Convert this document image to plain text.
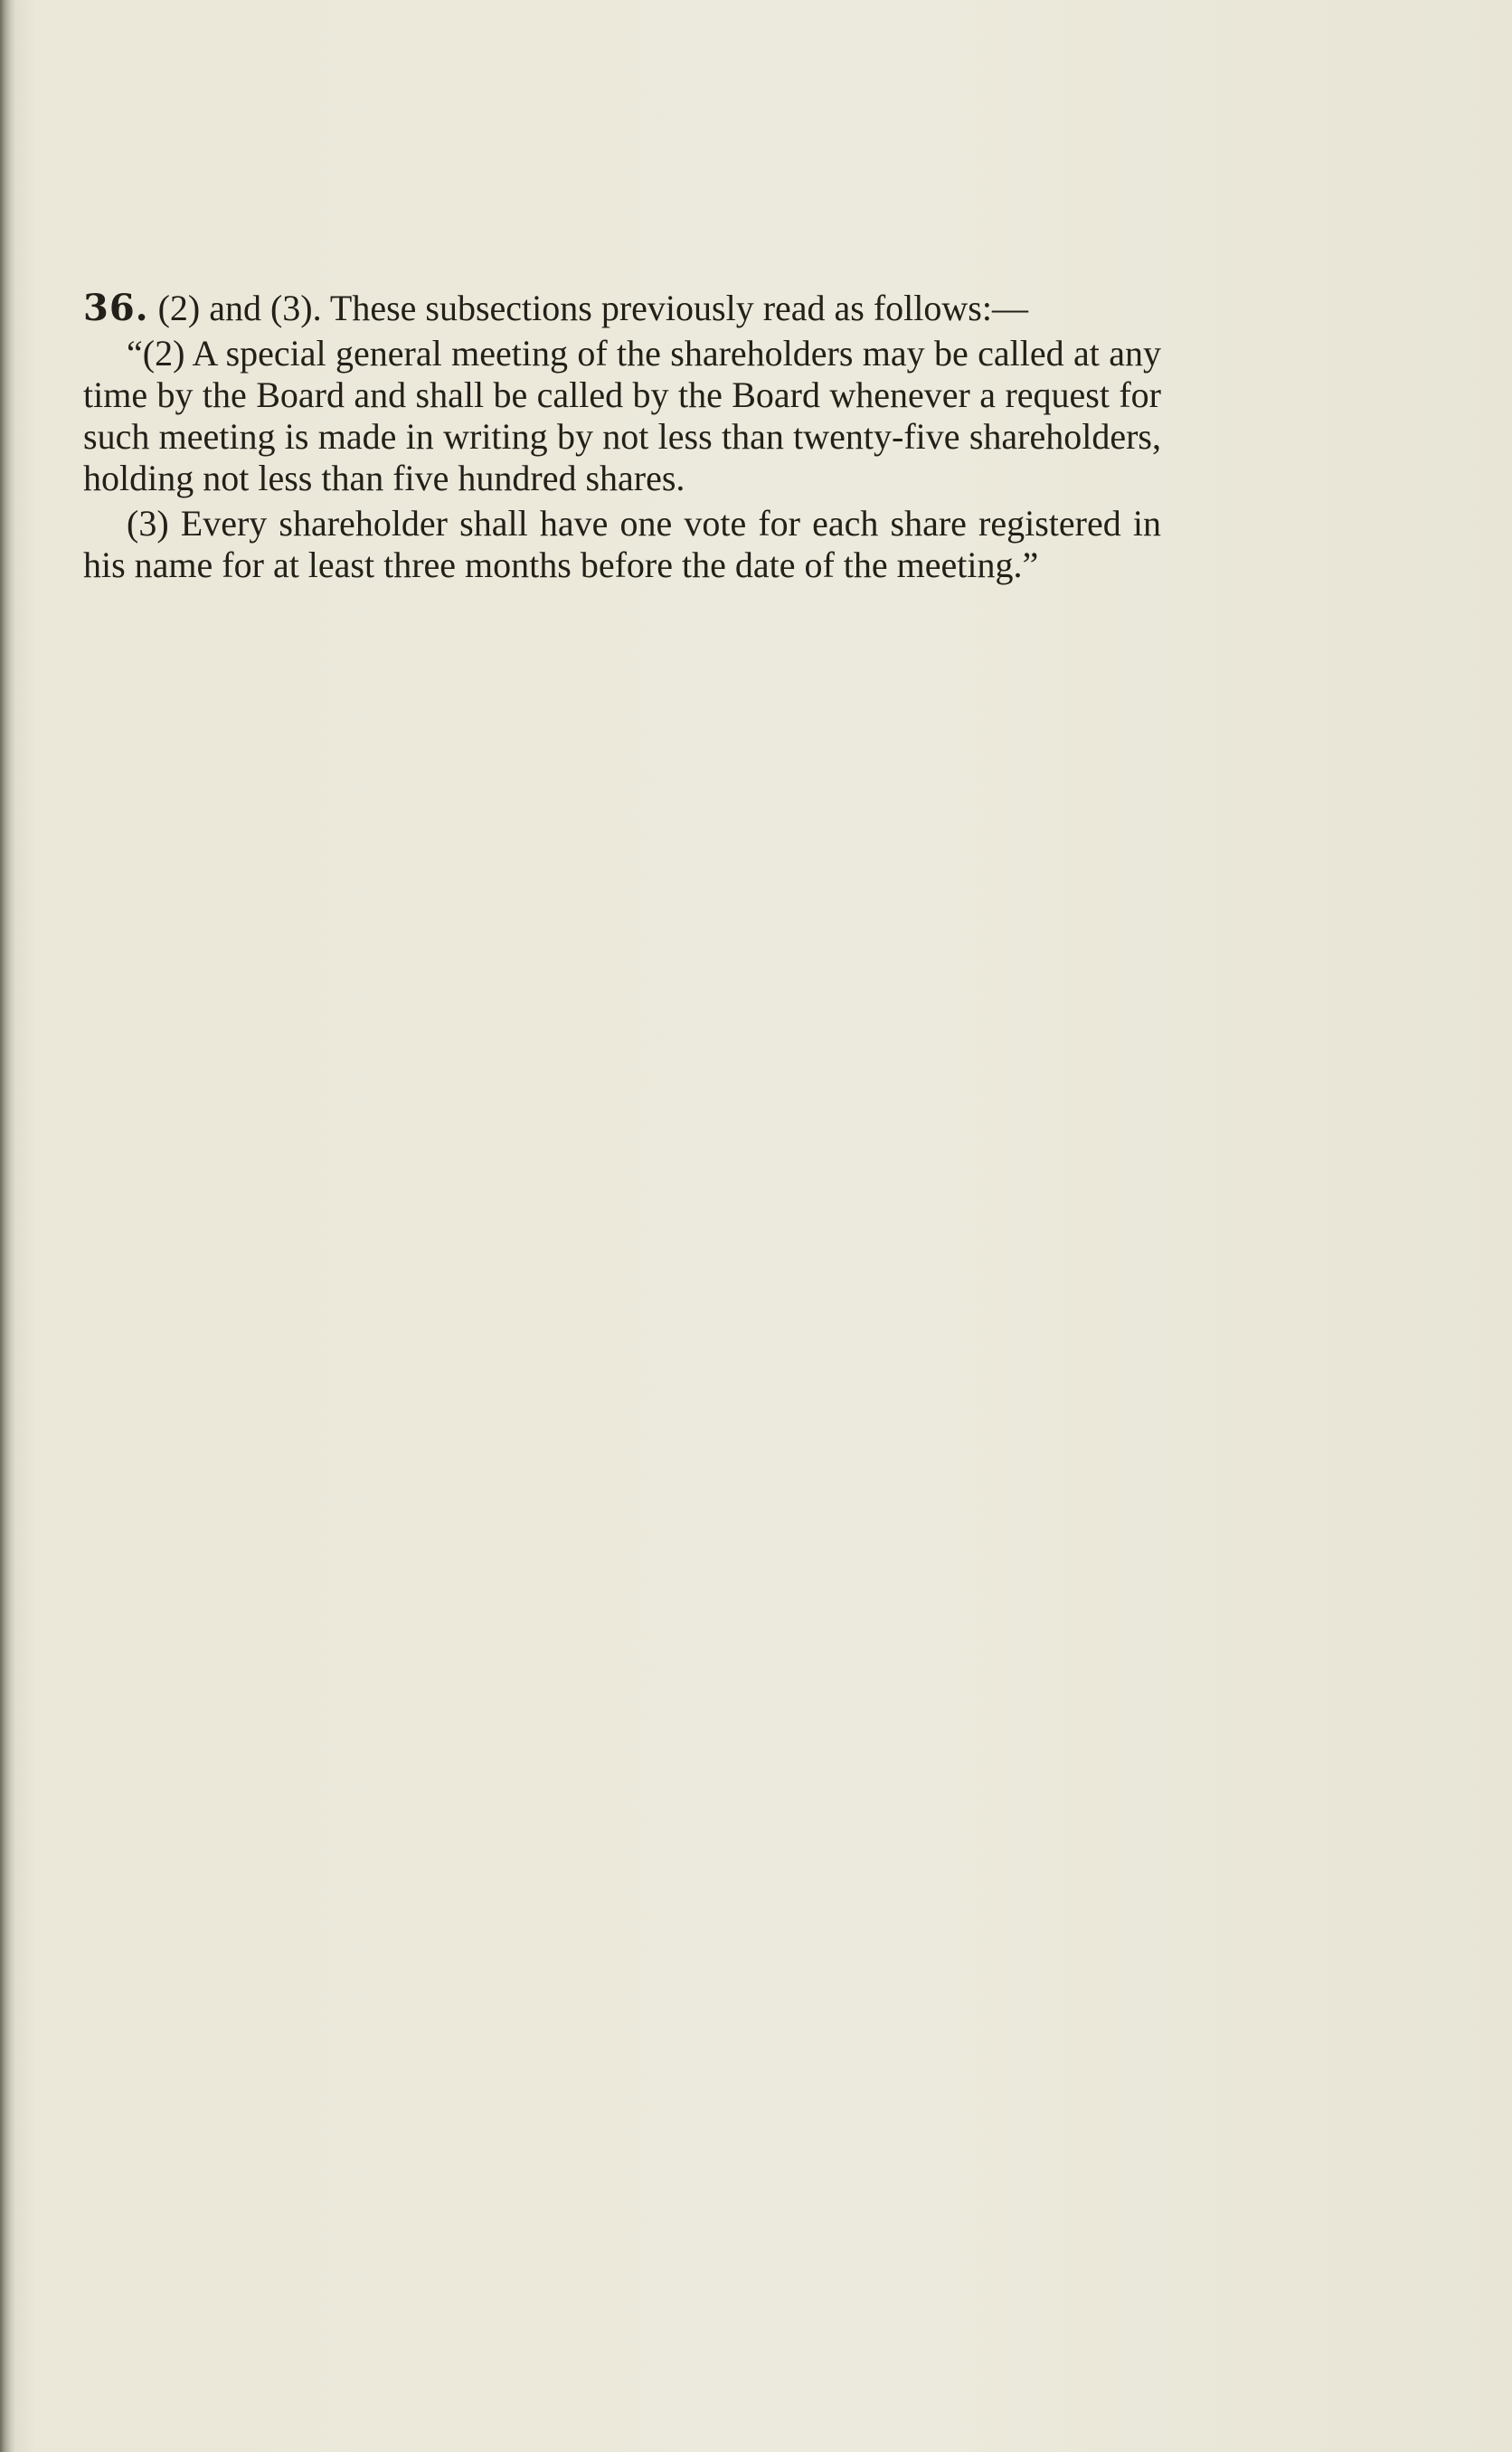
36. (2) and (3). These subsections previously read as follows:—

“(2) A special general meeting of the shareholders may be called at any time by the Board and shall be called by the Board whenever a request for such meeting is made in writing by not less than twenty-five shareholders, holding not less than five hundred shares.

(3) Every shareholder shall have one vote for each share registered in his name for at least three months before the date of the meeting.”
